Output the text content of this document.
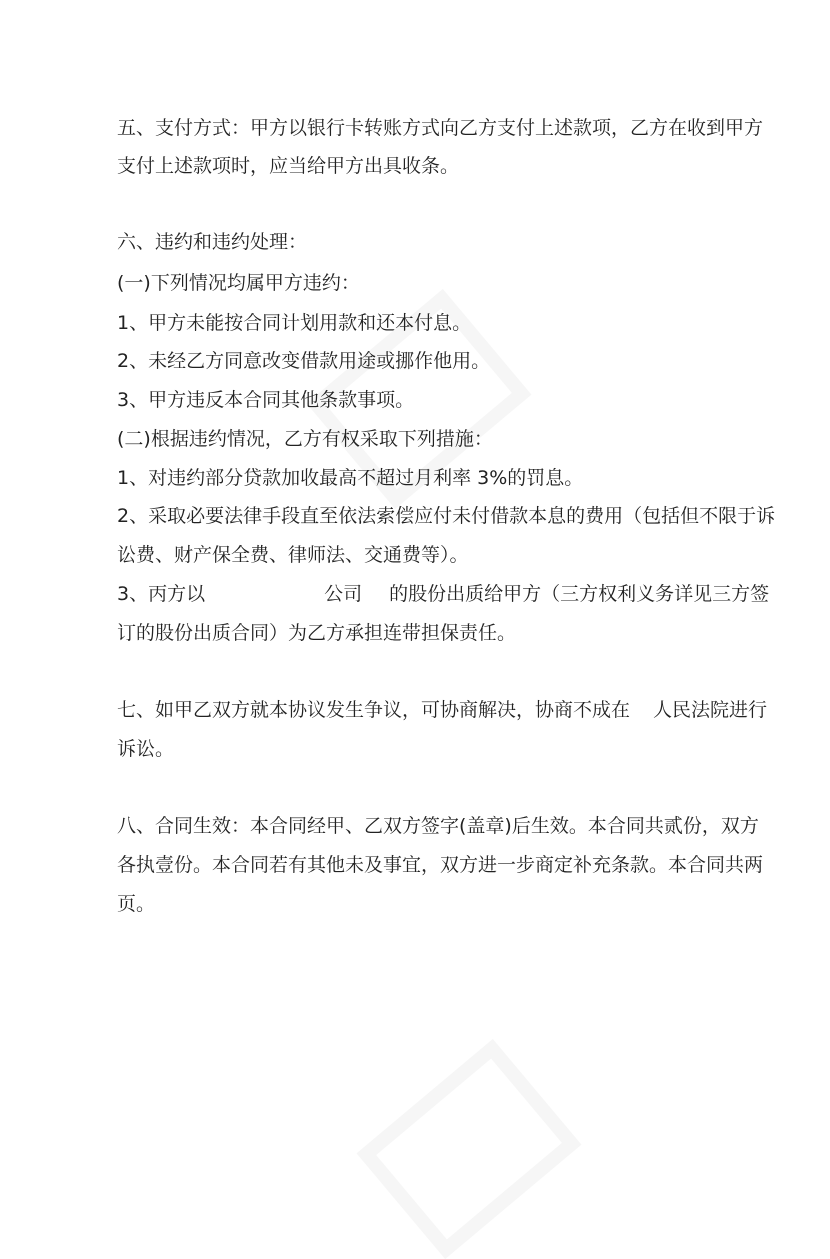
五、支付方式：甲方以银行卡转账方式向乙方支付上述款项，乙方在收到甲方
支付上述款项时，应当给甲方出具收条。
六、违约和违约处理：
(一)下列情况均属甲方违约：
1、甲方未能按合同计划用款和还本付息。
2、未经乙方同意改变借款用途或挪作他用。
3、甲方违反本合同其他条款事项。
(二)根据违约情况，乙方有权采取下列措施：
1、对违约部分贷款加收最高不超过月利率 3%的罚息。
2、采取必要法律手段直至依法索偿应付未付借款本息的费用（包括但不限于诉
讼费、财产保全费、律师法、交通费等）。
3、丙方以	公司 的股份出质给甲方（三方权利义务详见三方签
订的股份出质合同）为乙方承担连带担保责任。
七、如甲乙双方就本协议发生争议，可协商解决，协商不成在 人民法院进行
诉讼。
八、合同生效：本合同经甲、乙双方签字(盖章)后生效。本合同共贰份，双方
各执壹份。本合同若有其他未及事宜，双方进一步商定补充条款。本合同共两
页。
